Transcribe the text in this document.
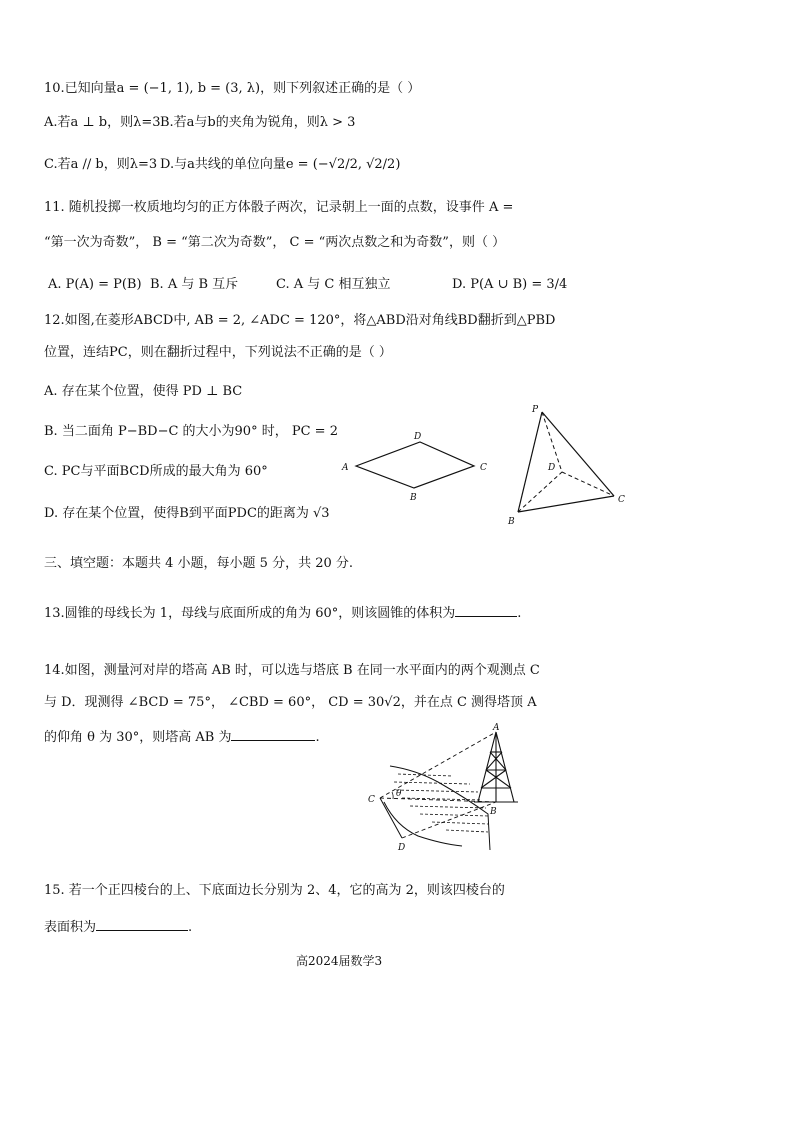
10.已知向量a = (−1, 1), b = (3, λ)，则下列叙述正确的是（ ）
A.若a ⊥ b，则λ=3 B.若a与b的夹角为锐角，则λ > 3
C.若a // b，则λ=3 D.与a共线的单位向量e = (−√2/2, √2/2)
11. 随机投掷一枚质地均匀的正方体骰子两次，记录朝上一面的点数，设事件 A =
“第一次为奇数”， B = “第二次为奇数”， C = “两次点数之和为奇数”，则（ ）
A. P(A) = P(B) B. A 与 B 互斥	C. A 与 C 相互独立	D. P(A ∪ B) = 3/4
12.如图,在菱形ABCD中, AB = 2, ∠ADC = 120°，将△ABD沿对角线BD翻折到△PBD
位置，连结PC，则在翻折过程中，下列说法不正确的是（ ）
A. 存在某个位置，使得 PD ⊥ BC
B. 当二面角 P−BD−C 的大小为90° 时， PC = 2
C. PC与平面BCD所成的最大角为 60°
D. 存在某个位置，使得B到平面PDC的距离为 √3
A
D
C
B
P
B
C
D
三、填空题：本题共 4 小题，每小题 5 分，共 20 分.
13.圆锥的母线长为 1，母线与底面所成的角为 60°，则该圆锥的体积为	.
14.如图，测量河对岸的塔高 AB 时，可以选与塔底 B 在同一水平面内的两个观测点 C
与 D．现测得 ∠BCD = 75°， ∠CBD = 60°， CD = 30√2，并在点 C 测得塔顶 A
的仰角 θ 为 30°，则塔高 AB 为	.
A
B
C
D
θ
15. 若一个正四棱台的上、下底面边长分别为 2、4，它的高为 2，则该四棱台的
表面积为	.
高2024届数学3
